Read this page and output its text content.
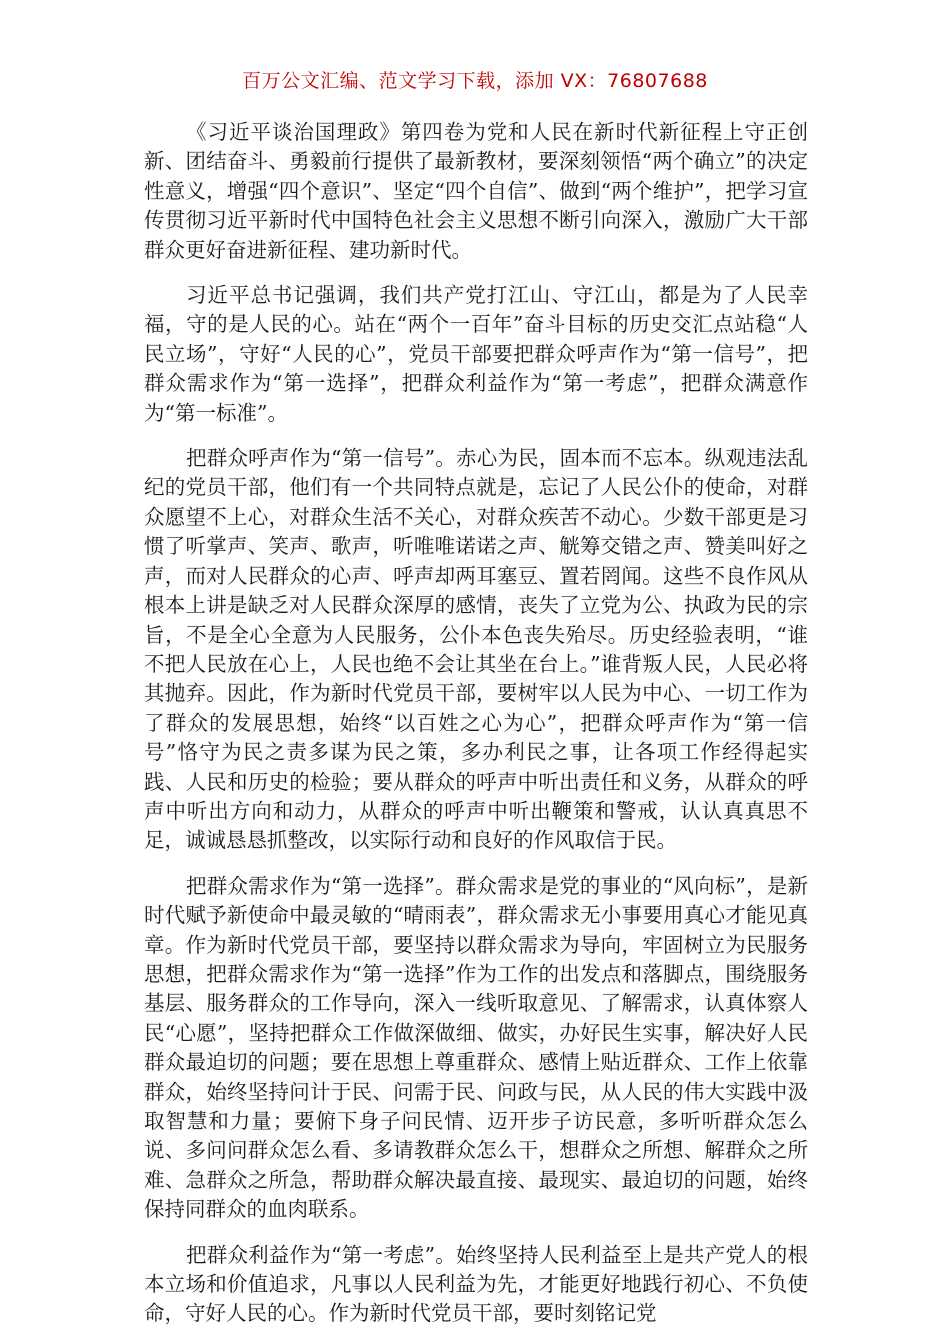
百万公文汇编、范文学习下载，添加 VX：76807688

《习近平谈治国理政》第四卷为党和人民在新时代新征程上守正创新、团结奋斗、勇毅前行提供了最新教材，要深刻领悟“两个确立”的决定性意义，增强“四个意识”、坚定“四个自信”、做到“两个维护”，把学习宣传贯彻习近平新时代中国特色社会主义思想不断引向深入，激励广大干部群众更好奋进新征程、建功新时代。

习近平总书记强调，我们共产党打江山、守江山，都是为了人民幸福，守的是人民的心。站在“两个一百年”奋斗目标的历史交汇点站稳“人民立场”，守好“人民的心”，党员干部要把群众呼声作为“第一信号”，把群众需求作为“第一选择”，把群众利益作为“第一考虑”，把群众满意作为“第一标准”。

把群众呼声作为“第一信号”。赤心为民，固本而不忘本。纵观违法乱纪的党员干部，他们有一个共同特点就是，忘记了人民公仆的使命，对群众愿望不上心，对群众生活不关心，对群众疾苦不动心。少数干部更是习惯了听掌声、笑声、歌声，听唯唯诺诺之声、觥筹交错之声、赞美叫好之声，而对人民群众的心声、呼声却两耳塞豆、置若罔闻。这些不良作风从根本上讲是缺乏对人民群众深厚的感情，丧失了立党为公、执政为民的宗旨，不是全心全意为人民服务，公仆本色丧失殆尽。历史经验表明，“谁不把人民放在心上，人民也绝不会让其坐在台上。”谁背叛人民，人民必将其抛弃。因此，作为新时代党员干部，要树牢以人民为中心、一切工作为了群众的发展思想，始终“以百姓之心为心”，把群众呼声作为“第一信号”恪守为民之责多谋为民之策，多办利民之事，让各项工作经得起实践、人民和历史的检验；要从群众的呼声中听出责任和义务，从群众的呼声中听出方向和动力，从群众的呼声中听出鞭策和警戒，认认真真思不足，诚诚恳恳抓整改，以实际行动和良好的作风取信于民。

把群众需求作为“第一选择”。群众需求是党的事业的“风向标”，是新时代赋予新使命中最灵敏的“晴雨表”，群众需求无小事要用真心才能见真章。作为新时代党员干部，要坚持以群众需求为导向，牢固树立为民服务思想，把群众需求作为“第一选择”作为工作的出发点和落脚点，围绕服务基层、服务群众的工作导向，深入一线听取意见、了解需求，认真体察人民“心愿”，坚持把群众工作做深做细、做实，办好民生实事，解决好人民群众最迫切的问题；要在思想上尊重群众、感情上贴近群众、工作上依靠群众，始终坚持问计于民、问需于民、问政与民，从人民的伟大实践中汲取智慧和力量；要俯下身子问民情、迈开步子访民意，多听听群众怎么说、多问问群众怎么看、多请教群众怎么干，想群众之所想、解群众之所难、急群众之所急，帮助群众解决最直接、最现实、最迫切的问题，始终保持同群众的血肉联系。

把群众利益作为“第一考虑”。始终坚持人民利益至上是共产党人的根本立场和价值追求，凡事以人民利益为先，才能更好地践行初心、不负使命，守好人民的心。作为新时代党员干部，要时刻铭记党
